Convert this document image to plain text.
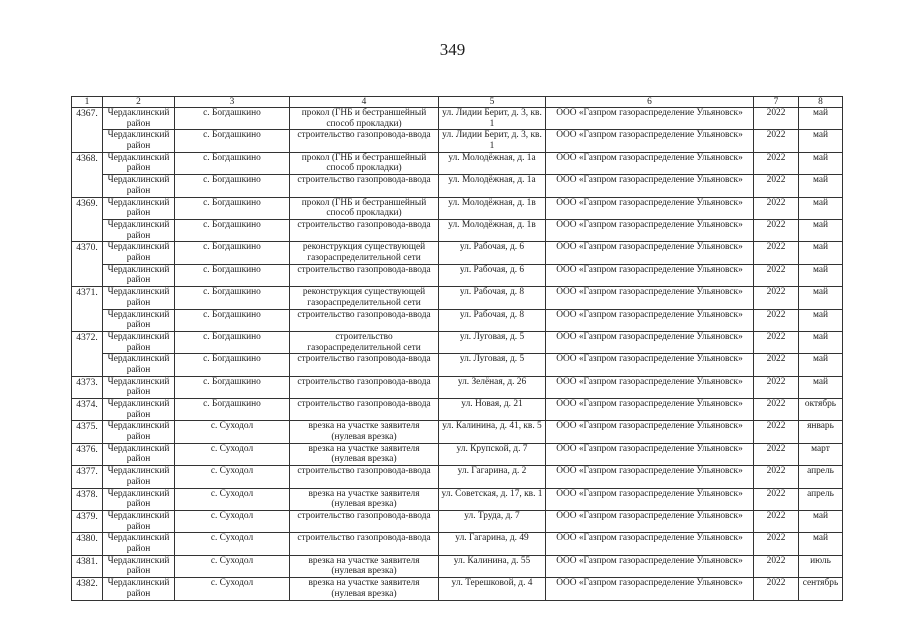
349
1	2	3	4	5	6	7	8
4367.	Чердаклинский район	с. Богдашкино	прокол (ГНБ и бестраншейный способ прокладки)	ул. Лидии Берит, д. 3, кв. 1	ООО «Газпром газораспределение Ульяновск»	2022	май
	Чердаклинский район	с. Богдашкино	строительство газопровода-ввода	ул. Лидии Берит, д. 3, кв. 1	ООО «Газпром газораспределение Ульяновск»	2022	май
4368.	Чердаклинский район	с. Богдашкино	прокол (ГНБ и бестраншейный способ прокладки)	ул. Молодёжная, д. 1а	ООО «Газпром газораспределение Ульяновск»	2022	май
	Чердаклинский район	с. Богдашкино	строительство газопровода-ввода	ул. Молодёжная, д. 1а	ООО «Газпром газораспределение Ульяновск»	2022	май
4369.	Чердаклинский район	с. Богдашкино	прокол (ГНБ и бестраншейный способ прокладки)	ул. Молодёжная, д. 1в	ООО «Газпром газораспределение Ульяновск»	2022	май
	Чердаклинский район	с. Богдашкино	строительство газопровода-ввода	ул. Молодёжная, д. 1в	ООО «Газпром газораспределение Ульяновск»	2022	май
4370.	Чердаклинский район	с. Богдашкино	реконструкция существующей газораспределительной сети	ул. Рабочая, д. 6	ООО «Газпром газораспределение Ульяновск»	2022	май
	Чердаклинский район	с. Богдашкино	строительство газопровода-ввода	ул. Рабочая, д. 6	ООО «Газпром газораспределение Ульяновск»	2022	май
4371.	Чердаклинский район	с. Богдашкино	реконструкция существующей газораспределительной сети	ул. Рабочая, д. 8	ООО «Газпром газораспределение Ульяновск»	2022	май
	Чердаклинский район	с. Богдашкино	строительство газопровода-ввода	ул. Рабочая, д. 8	ООО «Газпром газораспределение Ульяновск»	2022	май
4372.	Чердаклинский район	с. Богдашкино	строительство газораспределительной сети	ул. Луговая, д. 5	ООО «Газпром газораспределение Ульяновск»	2022	май
	Чердаклинский район	с. Богдашкино	строительство газопровода-ввода	ул. Луговая, д. 5	ООО «Газпром газораспределение Ульяновск»	2022	май
4373.	Чердаклинский район	с. Богдашкино	строительство газопровода-ввода	ул. Зелёная, д. 26	ООО «Газпром газораспределение Ульяновск»	2022	май
4374.	Чердаклинский район	с. Богдашкино	строительство газопровода-ввода	ул. Новая, д. 21	ООО «Газпром газораспределение Ульяновск»	2022	октябрь
4375.	Чердаклинский район	с. Суходол	врезка на участке заявителя (нулевая врезка)	ул. Калинина, д. 41, кв. 5	ООО «Газпром газораспределение Ульяновск»	2022	январь
4376.	Чердаклинский район	с. Суходол	врезка на участке заявителя (нулевая врезка)	ул. Крупской, д. 7	ООО «Газпром газораспределение Ульяновск»	2022	март
4377.	Чердаклинский район	с. Суходол	строительство газопровода-ввода	ул. Гагарина, д. 2	ООО «Газпром газораспределение Ульяновск»	2022	апрель
4378.	Чердаклинский район	с. Суходол	врезка на участке заявителя (нулевая врезка)	ул. Советская, д. 17, кв. 1	ООО «Газпром газораспределение Ульяновск»	2022	апрель
4379.	Чердаклинский район	с. Суходол	строительство газопровода-ввода	ул. Труда, д. 7	ООО «Газпром газораспределение Ульяновск»	2022	май
4380.	Чердаклинский район	с. Суходол	строительство газопровода-ввода	ул. Гагарина, д. 49	ООО «Газпром газораспределение Ульяновск»	2022	май
4381.	Чердаклинский район	с. Суходол	врезка на участке заявителя (нулевая врезка)	ул. Калинина, д. 55	ООО «Газпром газораспределение Ульяновск»	2022	июль
4382.	Чердаклинский район	с. Суходол	врезка на участке заявителя (нулевая врезка)	ул. Терешковой, д. 4	ООО «Газпром газораспределение Ульяновск»	2022	сентябрь
